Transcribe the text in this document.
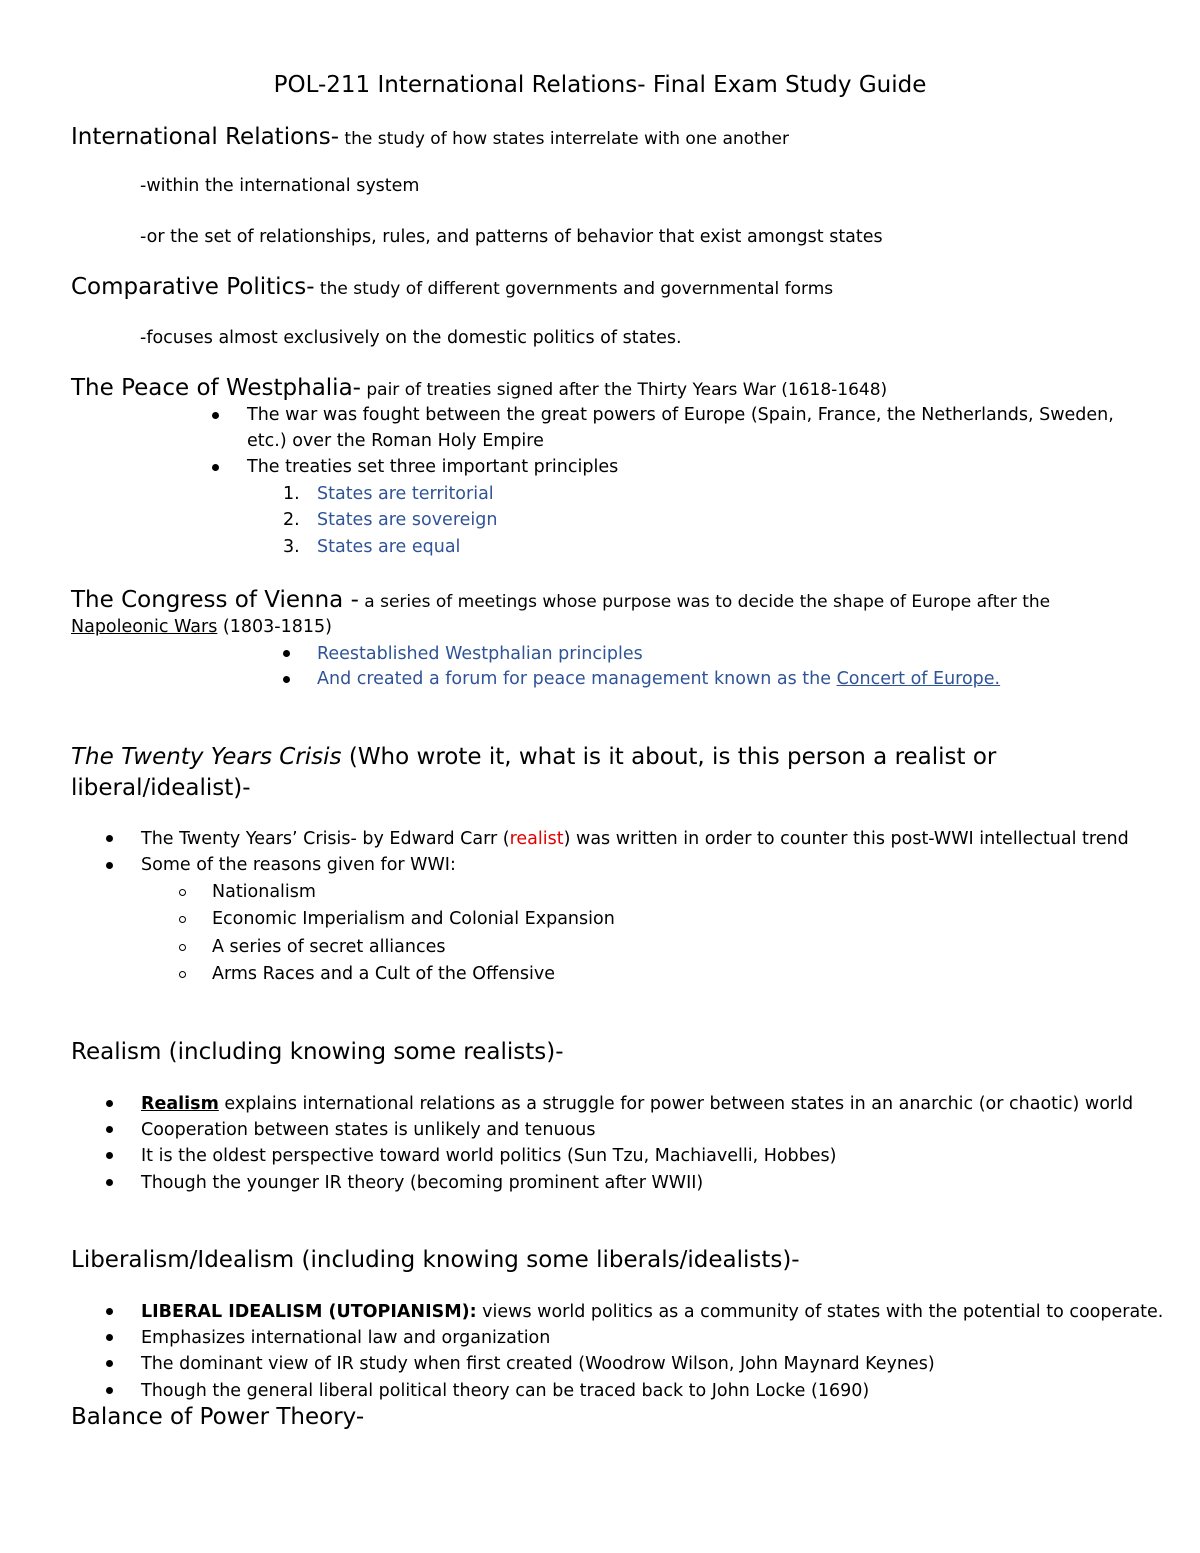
POL-211 International Relations- Final Exam Study Guide
International Relations- the study of how states interrelate with one another
-within the international system
-or the set of relationships, rules, and patterns of behavior that exist amongst states
Comparative Politics- the study of different governments and governmental forms
-focuses almost exclusively on the domestic politics of states.
The Peace of Westphalia- pair of treaties signed after the Thirty Years War (1618-1648)
The war was fought between the great powers of Europe (Spain, France, the Netherlands, Sweden,
etc.) over the Roman Holy Empire
The treaties set three important principles
1. States are territorial
2. States are sovereign
3. States are equal
The Congress of Vienna - a series of meetings whose purpose was to decide the shape of Europe after the
Napoleonic Wars (1803-1815)
Reestablished Westphalian principles
And created a forum for peace management known as the Concert of Europe.
The Twenty Years Crisis (Who wrote it, what is it about, is this person a realist or
liberal/idealist)-
The Twenty Years’ Crisis- by Edward Carr (realist) was written in order to counter this post-WWI intellectual trend
Some of the reasons given for WWI:
Nationalism
Economic Imperialism and Colonial Expansion
A series of secret alliances
Arms Races and a Cult of the Offensive
Realism (including knowing some realists)-
Realism explains international relations as a struggle for power between states in an anarchic (or chaotic) world
Cooperation between states is unlikely and tenuous
It is the oldest perspective toward world politics (Sun Tzu, Machiavelli, Hobbes)
Though the younger IR theory (becoming prominent after WWII)
Liberalism/Idealism (including knowing some liberals/idealists)-
LIBERAL IDEALISM (UTOPIANISM): views world politics as a community of states with the potential to cooperate.
Emphasizes international law and organization
The dominant view of IR study when first created (Woodrow Wilson, John Maynard Keynes)
Though the general liberal political theory can be traced back to John Locke (1690)
Balance of Power Theory-
